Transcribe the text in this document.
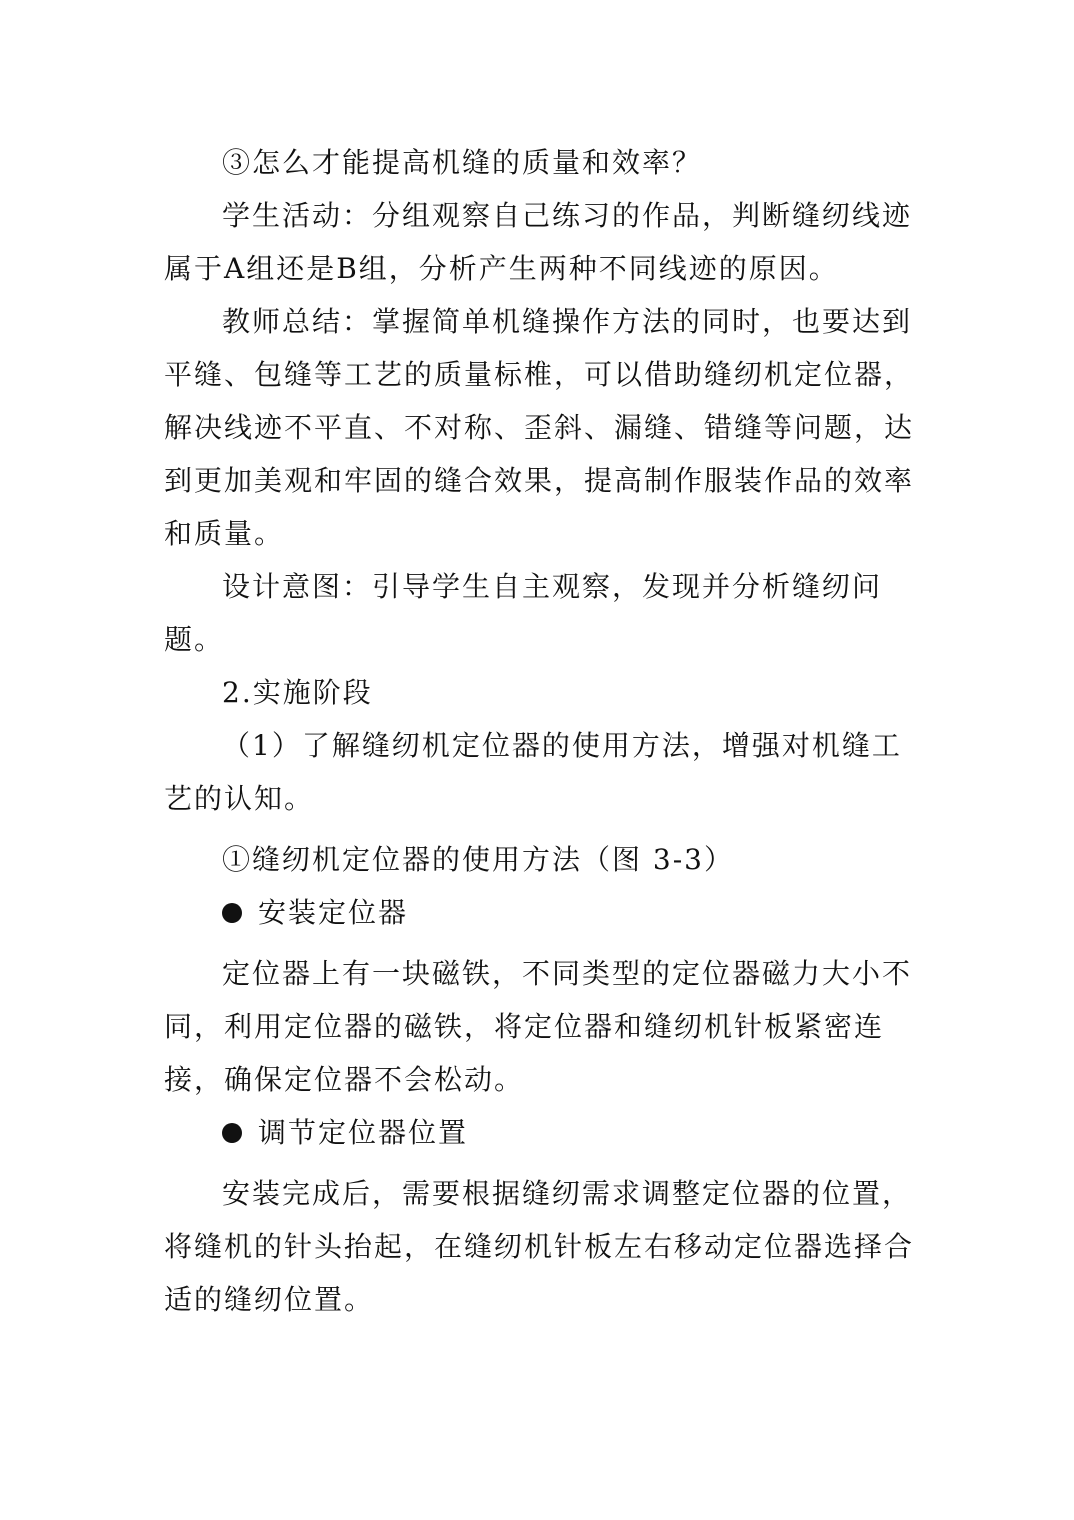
③怎么才能提高机缝的质量和效率？

学生活动：分组观察自己练习的作品，判断缝纫线迹属于A组还是B组，分析产生两种不同线迹的原因。

教师总结：掌握简单机缝操作方法的同时，也要达到平缝、包缝等工艺的质量标椎，可以借助缝纫机定位器，解决线迹不平直、不对称、歪斜、漏缝、错缝等问题，达到更加美观和牢固的缝合效果，提高制作服装作品的效率和质量。

设计意图：引导学生自主观察，发现并分析缝纫问题。

2.实施阶段

（1）了解缝纫机定位器的使用方法，增强对机缝工艺的认知。

①缝纫机定位器的使用方法（图 3-3）

安装定位器

定位器上有一块磁铁，不同类型的定位器磁力大小不同，利用定位器的磁铁，将定位器和缝纫机针板紧密连接，确保定位器不会松动。

调节定位器位置

安装完成后，需要根据缝纫需求调整定位器的位置，将缝机的针头抬起，在缝纫机针板左右移动定位器选择合适的缝纫位置。
